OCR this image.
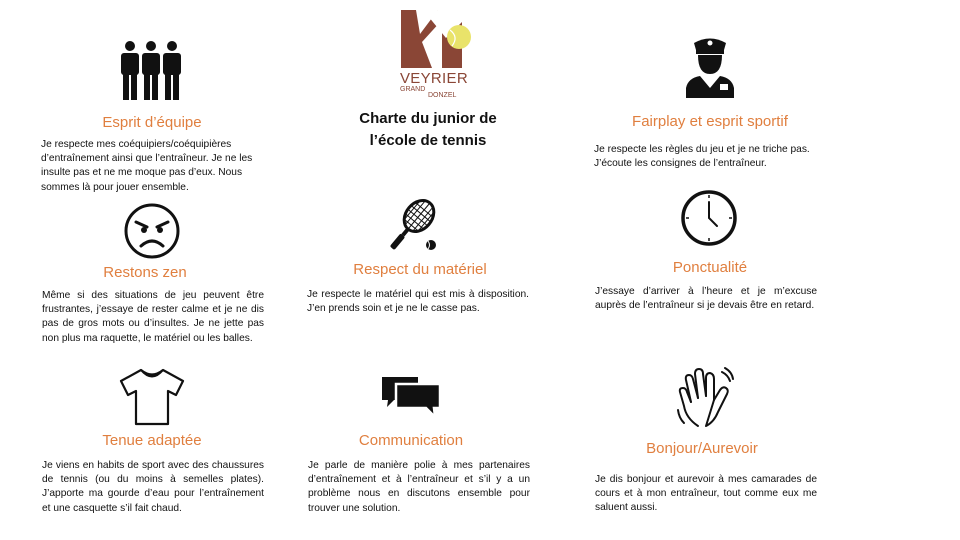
VEYRIER
GRAND
DONZEL
Charte du junior de
l’école de tennis
Esprit d’équipe
Je respecte mes coéquipiers/coéquipières d’entraînement ainsi que l’entraîneur. Je ne les insulte pas et ne me moque pas d’eux. Nous sommes là pour jouer ensemble.
Fairplay et esprit sportif
Je respecte les règles du jeu et je ne triche pas. J’écoute les consignes de l’entraîneur.
Restons zen
Même si des situations de jeu peuvent être frustrantes, j’essaye de rester calme et je ne dis pas de gros mots ou d’insultes. Je ne jette pas non plus ma raquette, le matériel ou les balles.
Respect du matériel
Je respecte le matériel qui est mis à disposition. J’en prends soin et je ne le casse pas.
Ponctualité
J’essaye d’arriver à l’heure et je m’excuse auprès de l’entraîneur si je devais être en retard.
Tenue adaptée
Je viens en habits de sport avec des chaussures de tennis (ou du moins à semelles plates). J’apporte ma gourde d’eau pour l’entraînement et une casquette s’il fait chaud.
Communication
Je parle de manière polie à mes partenaires d’entraînement et à l’entraîneur et s’il y a un problème nous en discutons ensemble pour trouver une solution.
Bonjour/Aurevoir
Je dis bonjour et aurevoir à mes camarades de cours et à mon entraîneur, tout comme eux me saluent aussi.
